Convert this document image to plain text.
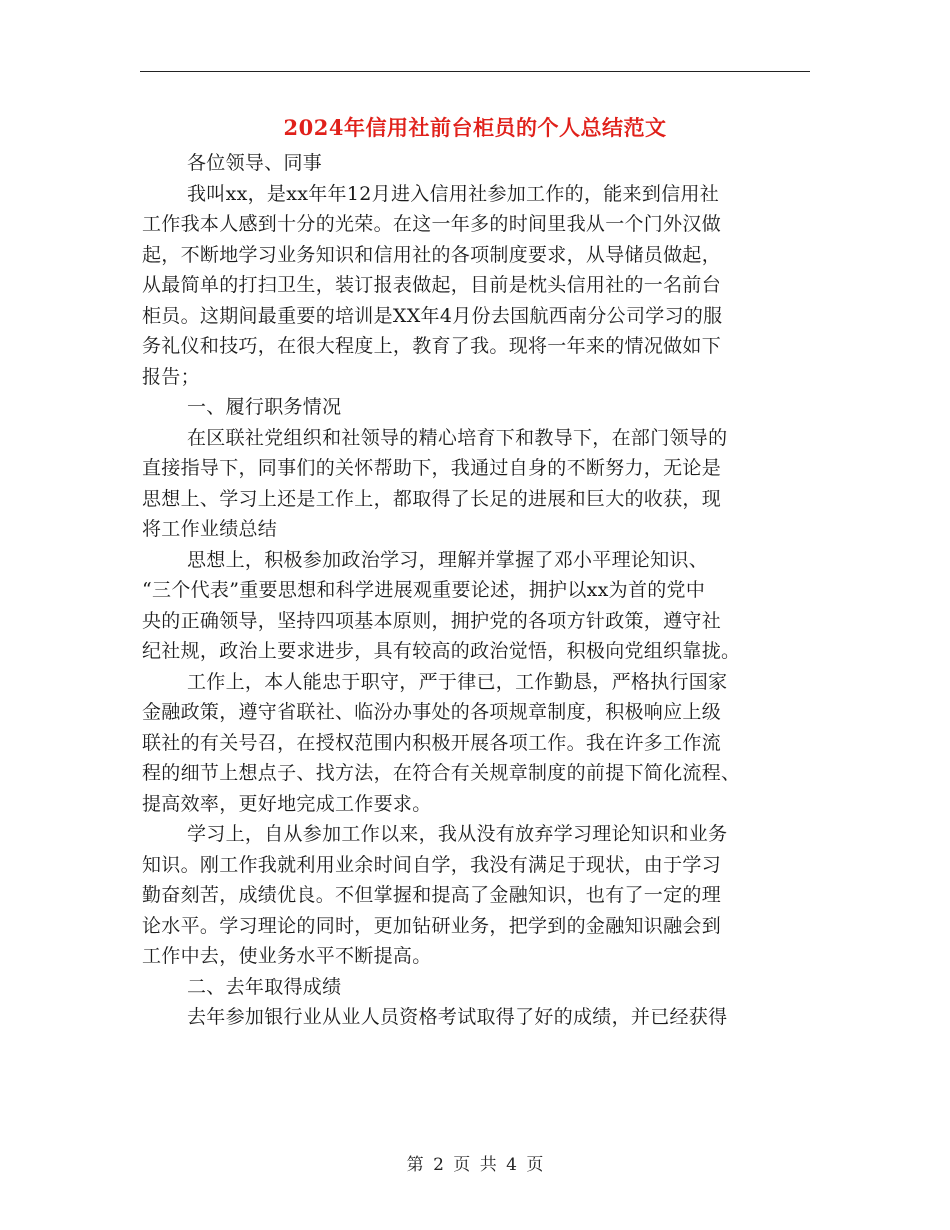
2024年信用社前台柜员的个人总结范文
各位领导、同事
我叫xx，是xx年年12月进入信用社参加工作的，能来到信用社
工作我本人感到十分的光荣。在这一年多的时间里我从一个门外汉做
起，不断地学习业务知识和信用社的各项制度要求，从导储员做起，
从最简单的打扫卫生，装订报表做起，目前是枕头信用社的一名前台
柜员。这期间最重要的培训是XX年4月份去国航西南分公司学习的服
务礼仪和技巧，在很大程度上，教育了我。现将一年来的情况做如下
报告；
一、履行职务情况
在区联社党组织和社领导的精心培育下和教导下，在部门领导的
直接指导下，同事们的关怀帮助下，我通过自身的不断努力，无论是
思想上、学习上还是工作上，都取得了长足的进展和巨大的收获，现
将工作业绩总结
思想上，积极参加政治学习，理解并掌握了邓小平理论知识、
“三个代表”重要思想和科学进展观重要论述，拥护以xx为首的党中
央的正确领导，坚持四项基本原则，拥护党的各项方针政策，遵守社
纪社规，政治上要求进步，具有较高的政治觉悟，积极向党组织靠拢。
工作上，本人能忠于职守，严于律已，工作勤恳，严格执行国家
金融政策，遵守省联社、临汾办事处的各项规章制度，积极响应上级
联社的有关号召，在授权范围内积极开展各项工作。我在许多工作流
程的细节上想点子、找方法，在符合有关规章制度的前提下简化流程、
提高效率，更好地完成工作要求。
学习上，自从参加工作以来，我从没有放弃学习理论知识和业务
知识。刚工作我就利用业余时间自学，我没有满足于现状，由于学习
勤奋刻苦，成绩优良。不但掌握和提高了金融知识，也有了一定的理
论水平。学习理论的同时，更加钻研业务，把学到的金融知识融会到
工作中去，使业务水平不断提高。
二、去年取得成绩
去年参加银行业从业人员资格考试取得了好的成绩，并已经获得
第 2 页 共 4 页
